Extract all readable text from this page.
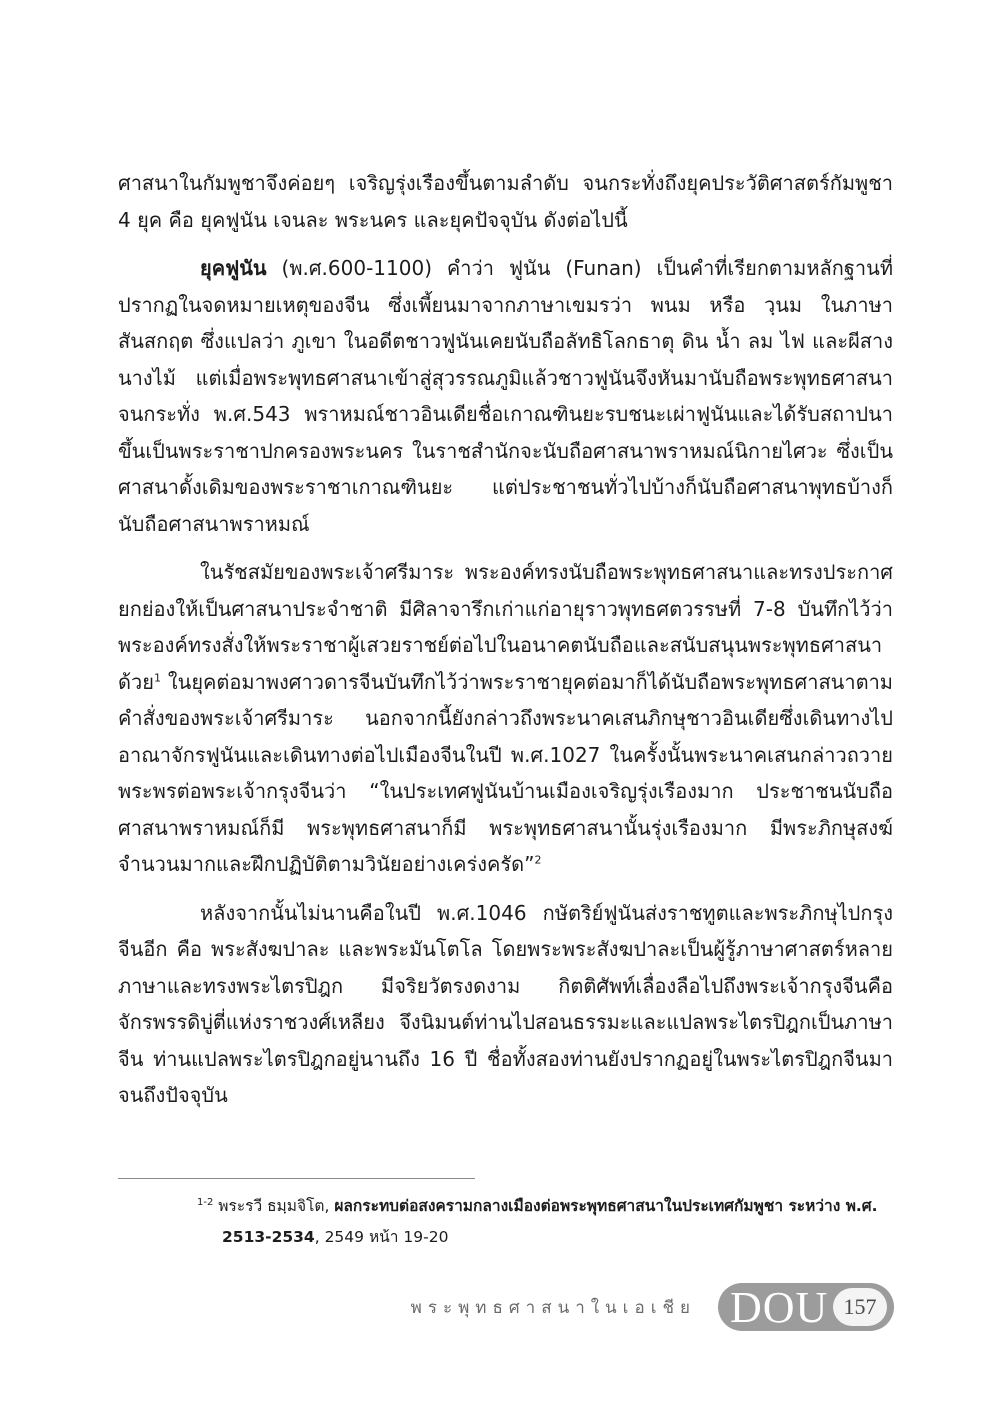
ศาสนาในกัมพูชาจึงค่อยๆ เจริญรุ่งเรืองขึ้นตามลำดับ จนกระทั่งถึงยุคประวัติศาสตร์กัมพูชา 4 ยุค คือ ยุคฟูนัน เจนละ พระนคร และยุคปัจจุบัน ดังต่อไปนี้

ยุคฟูนัน (พ.ศ.600-1100) คำว่า ฟูนัน (Funan) เป็นคำที่เรียกตามหลักฐานที่ปรากฏในจดหมายเหตุของจีน ซึ่งเพี้ยนมาจากภาษาเขมรว่า พนม หรือ วฺนม ในภาษาสันสกฤต ซึ่งแปลว่า ภูเขา ในอดีตชาวฟูนันเคยนับถือลัทธิโลกธาตุ ดิน น้ำ ลม ไฟ และผีสางนางไม้ แต่เมื่อพระพุทธศาสนาเข้าสู่สุวรรณภูมิแล้วชาวฟูนันจึงหันมานับถือพระพุทธศาสนา จนกระทั่ง พ.ศ.543 พราหมณ์ชาวอินเดียชื่อเกาณฑินยะรบชนะเผ่าฟูนันและได้รับสถาปนาขึ้นเป็นพระราชาปกครองพระนคร ในราชสำนักจะนับถือศาสนาพราหมณ์นิกายไศวะ ซึ่งเป็นศาสนาดั้งเดิมของพระราชาเกาณฑินยะ แต่ประชาชนทั่วไปบ้างก็นับถือศาสนาพุทธบ้างก็นับถือศาสนาพราหมณ์

ในรัชสมัยของพระเจ้าศรีมาระ พระองค์ทรงนับถือพระพุทธศาสนาและทรงประกาศยกย่องให้เป็นศาสนาประจำชาติ มีศิลาจารึกเก่าแก่อายุราวพุทธศตวรรษที่ 7-8 บันทึกไว้ว่าพระองค์ทรงสั่งให้พระราชาผู้เสวยราชย์ต่อไปในอนาคตนับถือและสนับสนุนพระพุทธศาสนาด้วย$^1$ ในยุคต่อมาพงศาวดารจีนบันทึกไว้ว่าพระราชายุคต่อมาก็ได้นับถือพระพุทธศาสนาตามคำสั่งของพระเจ้าศรีมาระ นอกจากนี้ยังกล่าวถึงพระนาคเสนภิกษุชาวอินเดียซึ่งเดินทางไปอาณาจักรฟูนันและเดินทางต่อไปเมืองจีนในปี พ.ศ.1027 ในครั้งนั้นพระนาคเสนกล่าวถวายพระพรต่อพระเจ้ากรุงจีนว่า “ในประเทศฟูนันบ้านเมืองเจริญรุ่งเรืองมาก ประชาชนนับถือศาสนาพราหมณ์ก็มี พระพุทธศาสนาก็มี พระพุทธศาสนานั้นรุ่งเรืองมาก มีพระภิกษุสงฆ์จำนวนมากและฝึกปฏิบัติตามวินัยอย่างเคร่งครัด”$^2$

หลังจากนั้นไม่นานคือในปี พ.ศ.1046 กษัตริย์ฟูนันส่งราชทูตและพระภิกษุไปกรุงจีนอีก คือ พระสังฆปาละ และพระมันโตโล โดยพระพระสังฆปาละเป็นผู้รู้ภาษาศาสตร์หลายภาษาและทรงพระไตรปิฎก มีจริยวัตรงดงาม กิตติศัพท์เลื่องลือไปถึงพระเจ้ากรุงจีนคือ จักรพรรดิบู่ตี่แห่งราชวงศ์เหลียง จึงนิมนต์ท่านไปสอนธรรมะและแปลพระไตรปิฎกเป็นภาษาจีน ท่านแปลพระไตรปิฎกอยู่นานถึง 16 ปี ชื่อทั้งสองท่านยังปรากฏอยู่ในพระไตรปิฎกจีนมาจนถึงปัจจุบัน

$^{1-2}$ พระรวี ธมฺมจิโต, ผลกระทบต่อสงครามกลางเมืองต่อพระพุทธศาสนาในประเทศกัมพูชา ระหว่าง พ.ศ. 2513-2534, 2549 หน้า 19-20
พระพุทธศาสนาในเอเชีย DOU 157
